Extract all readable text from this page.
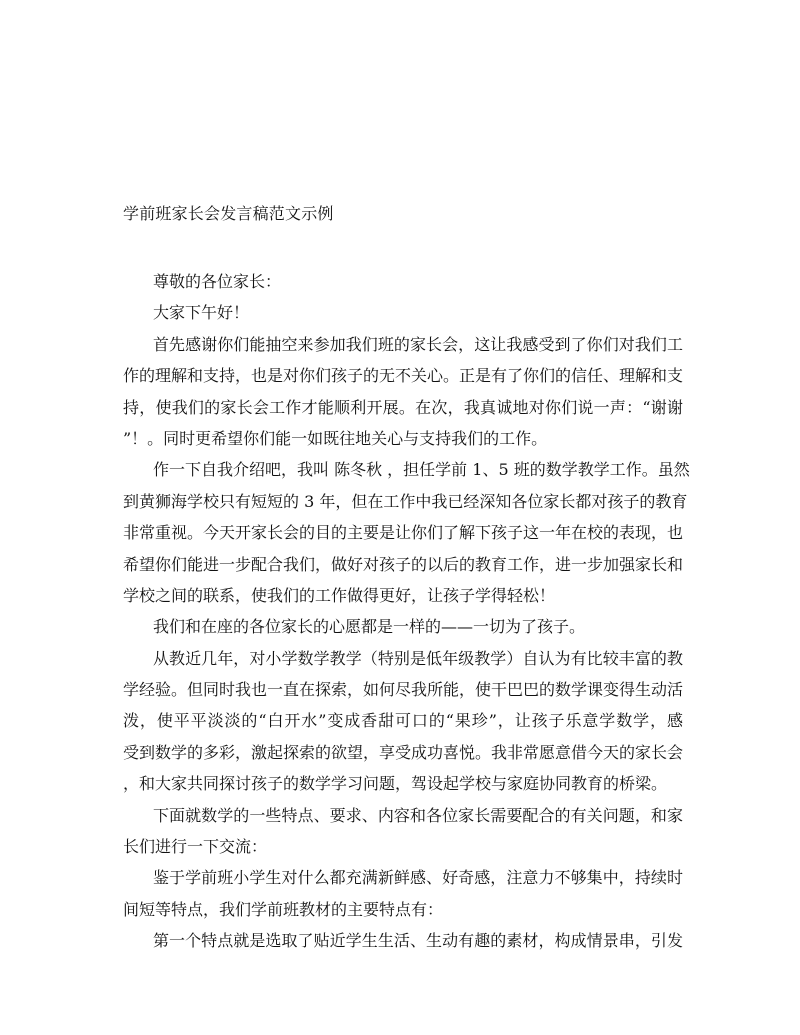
学前班家长会发言稿范文示例
尊敬的各位家长：
大家下午好！
首先感谢你们能抽空来参加我们班的家长会，这让我感受到了你们对我们工
作的理解和支持，也是对你们孩子的无不关心。正是有了你们的信任、理解和支
持，使我们的家长会工作才能顺利开展。在次，我真诚地对你们说一声：“谢谢
”！。同时更希望你们能一如既往地关心与支持我们的工作。
作一下自我介绍吧，我叫 陈冬秋 ，担任学前 1、5 班的数学教学工作。虽然
到黄狮海学校只有短短的 3 年，但在工作中我已经深知各位家长都对孩子的教育
非常重视。今天开家长会的目的主要是让你们了解下孩子这一年在校的表现，也
希望你们能进一步配合我们，做好对孩子的以后的教育工作，进一步加强家长和
学校之间的联系，使我们的工作做得更好，让孩子学得轻松！
我们和在座的各位家长的心愿都是一样的——一切为了孩子。
从教近几年，对小学数学教学（特别是低年级教学）自认为有比较丰富的教
学经验。但同时我也一直在探索，如何尽我所能，使干巴巴的数学课变得生动活
泼，使平平淡淡的“白开水”变成香甜可口的“果珍”，让孩子乐意学数学，感
受到数学的多彩，激起探索的欲望，享受成功喜悦。我非常愿意借今天的家长会
，和大家共同探讨孩子的数学学习问题，驾设起学校与家庭协同教育的桥梁。
下面就数学的一些特点、要求、内容和各位家长需要配合的有关问题，和家
长们进行一下交流：
鉴于学前班小学生对什么都充满新鲜感、好奇感，注意力不够集中，持续时
间短等特点，我们学前班教材的主要特点有：
第一个特点就是选取了贴近学生生活、生动有趣的素材，构成情景串，引发
